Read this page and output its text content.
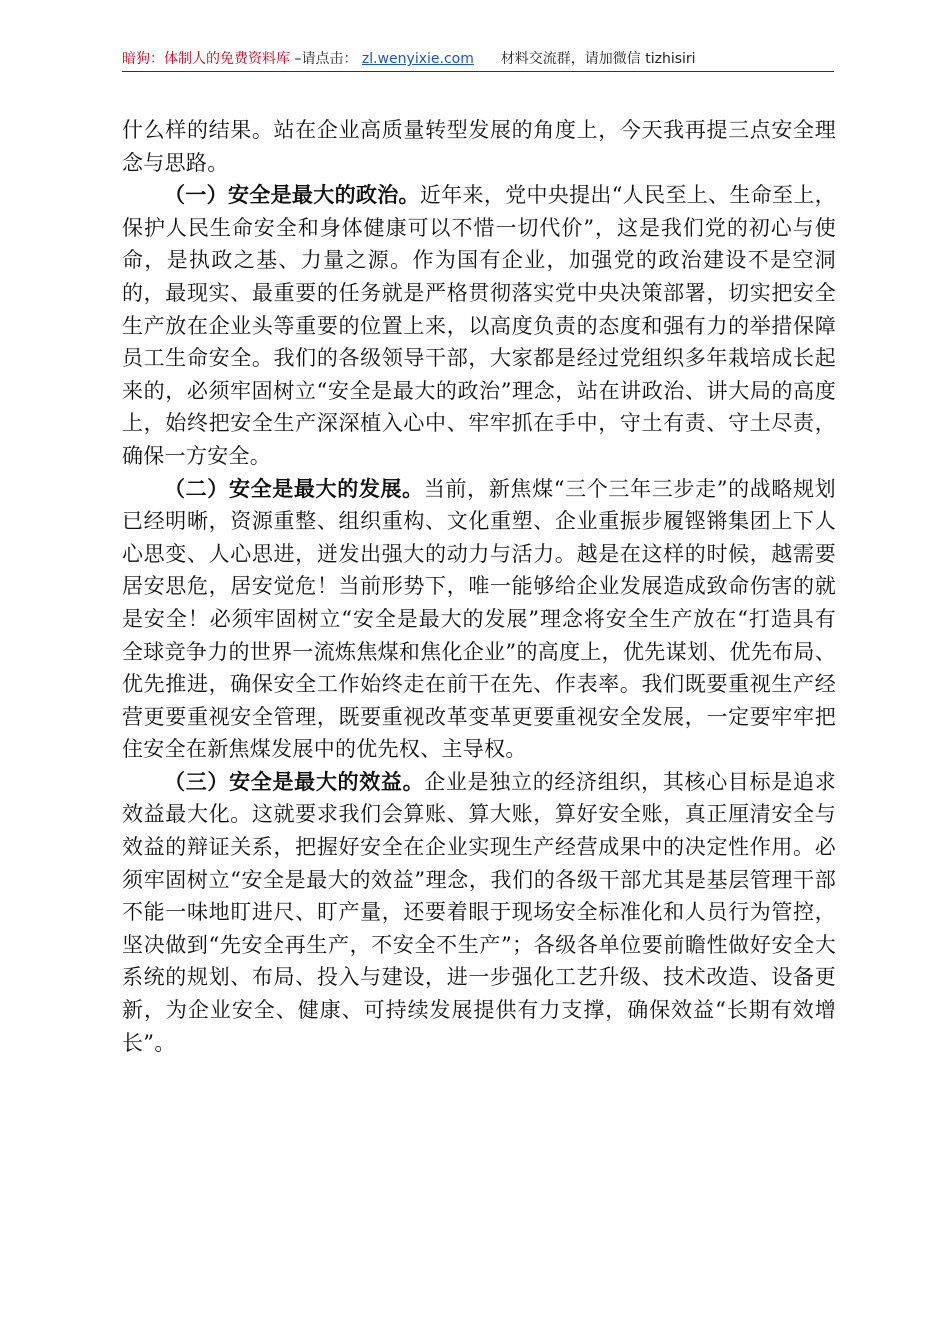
暗狗：体制人的免费资料库 –请点击： zl.wenyixie.com 材料交流群，请加微信 tizhisiri

什么样的结果。站在企业高质量转型发展的角度上，今天我再提三点安全理念与思路。

（一）安全是最大的政治。近年来，党中央提出“人民至上、生命至上，保护人民生命安全和身体健康可以不惜一切代价”，这是我们党的初心与使命，是执政之基、力量之源。作为国有企业，加强党的政治建设不是空洞的，最现实、最重要的任务就是严格贯彻落实党中央决策部署，切实把安全生产放在企业头等重要的位置上来，以高度负责的态度和强有力的举措保障员工生命安全。我们的各级领导干部，大家都是经过党组织多年栽培成长起来的，必须牢固树立“安全是最大的政治”理念，站在讲政治、讲大局的高度上，始终把安全生产深深植入心中、牢牢抓在手中，守土有责、守土尽责，确保一方安全。

（二）安全是最大的发展。当前，新焦煤“三个三年三步走”的战略规划已经明晰，资源重整、组织重构、文化重塑、企业重振步履铿锵集团上下人心思变、人心思进，迸发出强大的动力与活力。越是在这样的时候，越需要居安思危，居安觉危！当前形势下，唯一能够给企业发展造成致命伤害的就是安全！必须牢固树立“安全是最大的发展”理念将安全生产放在“打造具有全球竞争力的世界一流炼焦煤和焦化企业”的高度上，优先谋划、优先布局、优先推进，确保安全工作始终走在前干在先、作表率。我们既要重视生产经营更要重视安全管理，既要重视改革变革更要重视安全发展，一定要牢牢把住安全在新焦煤发展中的优先权、主导权。

（三）安全是最大的效益。企业是独立的经济组织，其核心目标是追求效益最大化。这就要求我们会算账、算大账，算好安全账，真正厘清安全与效益的辩证关系，把握好安全在企业实现生产经营成果中的决定性作用。必须牢固树立“安全是最大的效益”理念，我们的各级干部尤其是基层管理干部不能一味地盯进尺、盯产量，还要着眼于现场安全标准化和人员行为管控，坚决做到“先安全再生产，不安全不生产”；各级各单位要前瞻性做好安全大系统的规划、布局、投入与建设，进一步强化工艺升级、技术改造、设备更新，为企业安全、健康、可持续发展提供有力支撑，确保效益“长期有效增长”。
